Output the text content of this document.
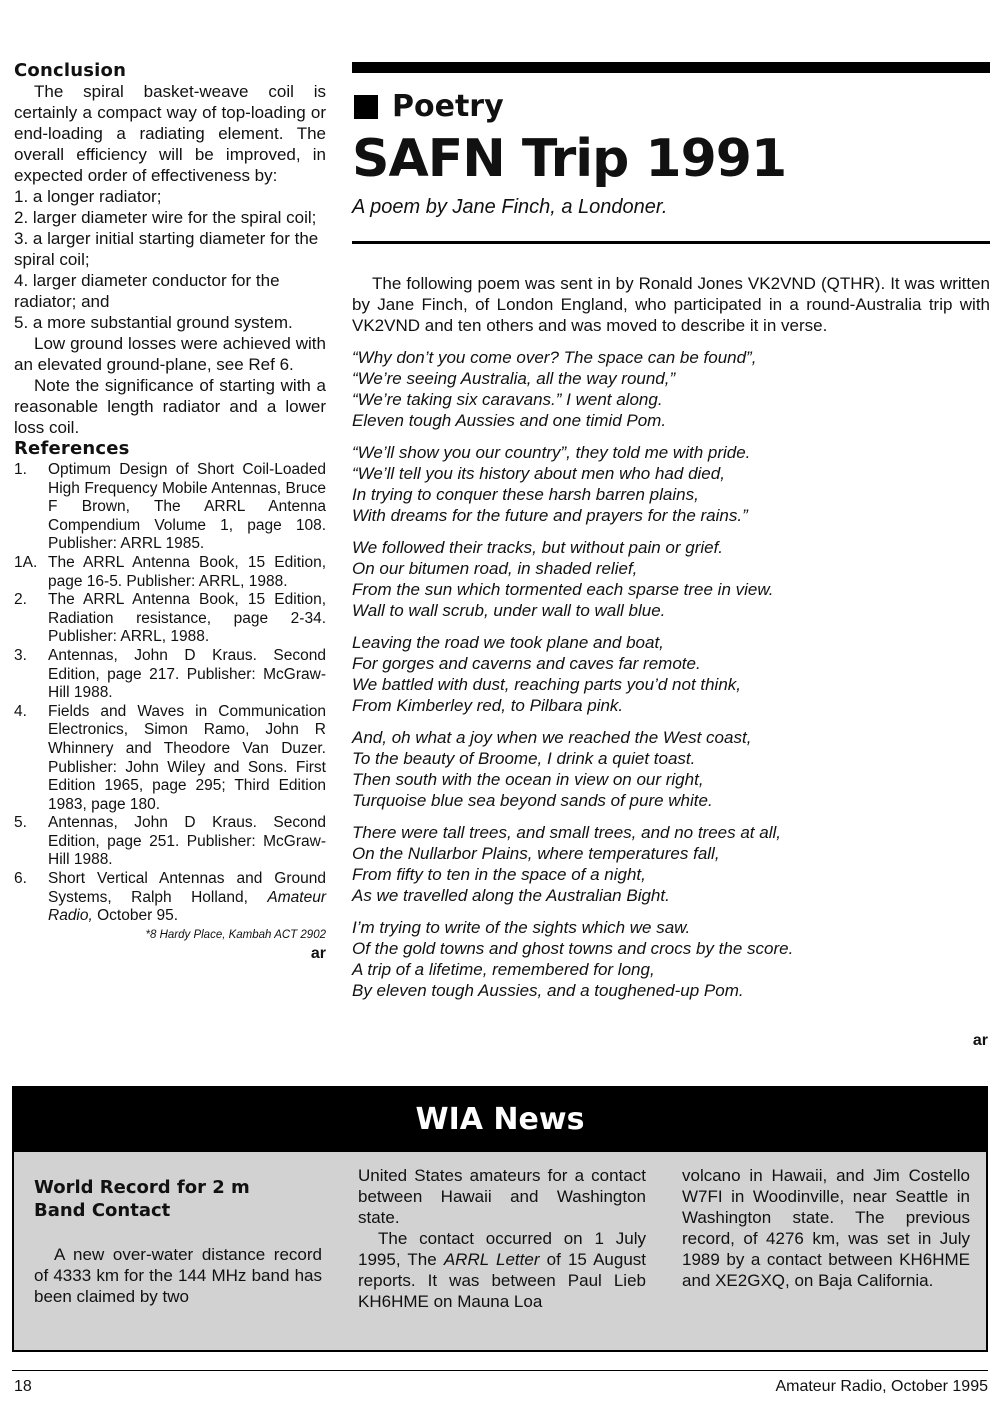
Conclusion

The spiral basket-weave coil is certainly a compact way of top-loading or end-loading a radiating element. The overall efficiency will be improved, in expected order of effectiveness by:

1. a longer radiator;
2. larger diameter wire for the spiral coil;
3. a larger initial starting diameter for the spiral coil;
4. larger diameter conductor for the radiator; and
5. a more substantial ground system.

Low ground losses were achieved with an elevated ground-plane, see Ref 6.

Note the significance of starting with a reasonable length radiator and a lower loss coil.

References
1.	Optimum Design of Short Coil-Loaded High Frequency Mobile Antennas, Bruce F Brown, The ARRL Antenna Compendium Volume 1, page 108. Publisher: ARRL 1985.
1A. The ARRL Antenna Book, 15 Edition, page 16-5. Publisher: ARRL, 1988.
2.	The ARRL Antenna Book, 15 Edition, Radiation resistance, page 2-34. Publisher: ARRL, 1988.
3.	Antennas, John D Kraus. Second Edition, page 217. Publisher: McGraw-Hill 1988.
4.	Fields and Waves in Communication Electronics, Simon Ramo, John R Whinnery and Theodore Van Duzer. Publisher: John Wiley and Sons. First Edition 1965, page 295; Third Edition 1983, page 180.
5.	Antennas, John D Kraus. Second Edition, page 251. Publisher: McGraw-Hill 1988.
6.	Short Vertical Antennas and Ground Systems, Ralph Holland, Amateur Radio, October 95.
*8 Hardy Place, Kambah ACT 2902
ar
Poetry
SAFN Trip 1991
A poem by Jane Finch, a Londoner.

The following poem was sent in by Ronald Jones VK2VND (QTHR). It was written by Jane Finch, of London England, who participated in a round-Australia trip with VK2VND and ten others and was moved to describe it in verse.

“Why don’t you come over? The space can be found”,
“We’re seeing Australia, all the way round,”
“We’re taking six caravans.” I went along.
Eleven tough Aussies and one timid Pom.
“We’ll show you our country”, they told me with pride.
“We’ll tell you its history about men who had died,
In trying to conquer these harsh barren plains,
With dreams for the future and prayers for the rains.”
We followed their tracks, but without pain or grief.
On our bitumen road, in shaded relief,
From the sun which tormented each sparse tree in view.
Wall to wall scrub, under wall to wall blue.
Leaving the road we took plane and boat,
For gorges and caverns and caves far remote.
We battled with dust, reaching parts you’d not think,
From Kimberley red, to Pilbara pink.
And, oh what a joy when we reached the West coast,
To the beauty of Broome, I drink a quiet toast.
Then south with the ocean in view on our right,
Turquoise blue sea beyond sands of pure white.
There were tall trees, and small trees, and no trees at all,
On the Nullarbor Plains, where temperatures fall,
From fifty to ten in the space of a night,
As we travelled along the Australian Bight.
I’m trying to write of the sights which we saw.
Of the gold towns and ghost towns and crocs by the score.
A trip of a lifetime, remembered for long,
By eleven tough Aussies, and a toughened-up Pom.
ar
WIA News
World Record for 2 m
Band Contact

A new over-water distance record of 4333 km for the 144 MHz band has been claimed by two

United States amateurs for a contact between Hawaii and Washington state.

The contact occurred on 1 July 1995, The ARRL Letter of 15 August reports. It was between Paul Lieb KH6HME on Mauna Loa

volcano in Hawaii, and Jim Costello W7FI in Woodinville, near Seattle in Washington state. The previous record, of 4276 km, was set in July 1989 by a contact between KH6HME and XE2GXQ, on Baja California.

18	Amateur Radio, October 1995
